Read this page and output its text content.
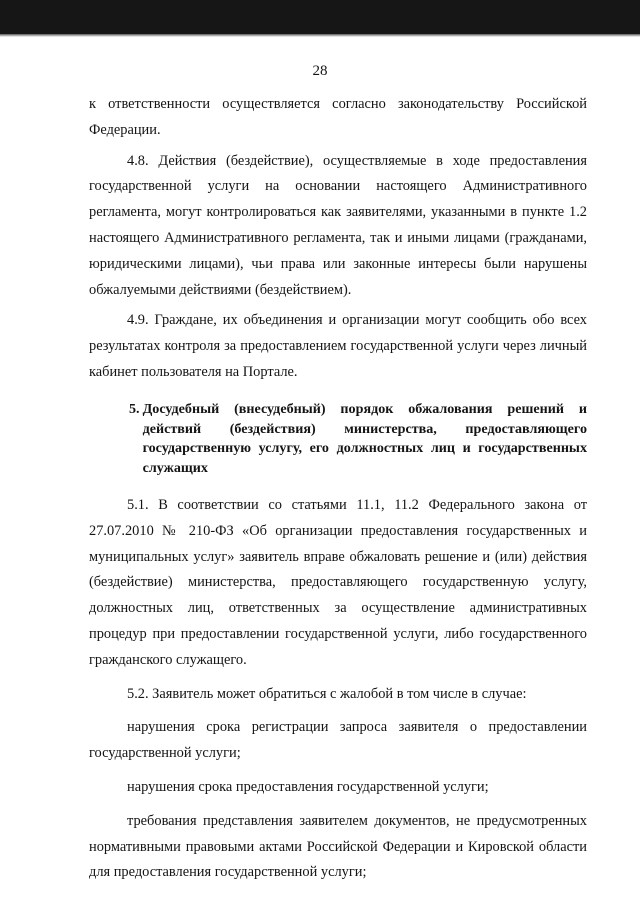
28

к ответственности осуществляется согласно законодательству Российской Федерации.

4.8. Действия (бездействие), осуществляемые в ходе предоставления государственной услуги на основании настоящего Административного регламента, могут контролироваться как заявителями, указанными в пункте 1.2 настоящего Административного регламента, так и иными лицами (гражданами, юридическими лицами), чьи права или законные интересы были нарушены обжалуемыми действиями (бездействием).

4.9. Граждане, их объединения и организации могут сообщить обо всех результатах контроля за предоставлением государственной услуги через личный кабинет пользователя на Портале.

5. Досудебный (внесудебный) порядок обжалования решений и действий (бездействия) министерства, предоставляющего государственную услугу, его должностных лиц и государственных служащих

5.1. В соответствии со статьями 11.1, 11.2 Федерального закона от 27.07.2010 № 210-ФЗ «Об организации предоставления государственных и муниципальных услуг» заявитель вправе обжаловать решение и (или) действия (бездействие) министерства, предоставляющего государственную услугу, должностных лиц, ответственных за осуществление административных процедур при предоставлении государственной услуги, либо государственного гражданского служащего.

5.2. Заявитель может обратиться с жалобой в том числе в случае:

нарушения срока регистрации запроса заявителя о предоставлении государственной услуги;

нарушения срока предоставления государственной услуги;

требования представления заявителем документов, не предусмотренных нормативными правовыми актами Российской Федерации и Кировской области для предоставления государственной услуги;
